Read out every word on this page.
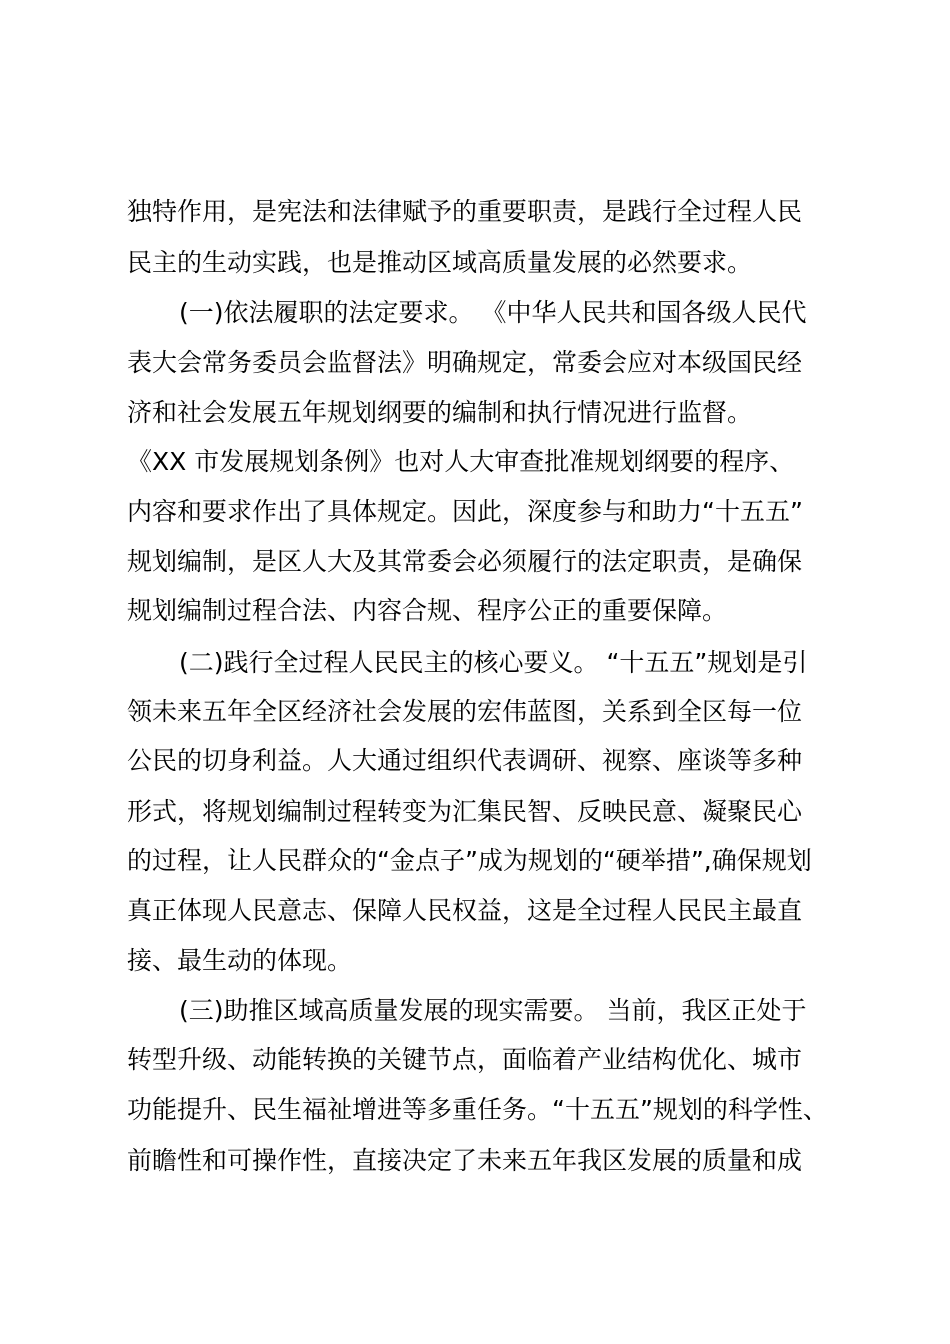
独特作用，是宪法和法律赋予的重要职责，是践行全过程人民

民主的生动实践，也是推动区域高质量发展的必然要求。

(一)依法履职的法定要求。 《中华人民共和国各级人民代

表大会常务委员会监督法》明确规定，常委会应对本级国民经

济和社会发展五年规划纲要的编制和执行情况进行监督。

《XX 市发展规划条例》也对人大审查批准规划纲要的程序、

内容和要求作出了具体规定。因此，深度参与和助力“十五五”

规划编制，是区人大及其常委会必须履行的法定职责，是确保

规划编制过程合法、内容合规、程序公正的重要保障。

(二)践行全过程人民民主的核心要义。 “十五五”规划是引

领未来五年全区经济社会发展的宏伟蓝图，关系到全区每一位

公民的切身利益。人大通过组织代表调研、视察、座谈等多种

形式，将规划编制过程转变为汇集民智、反映民意、凝聚民心

的过程，让人民群众的“金点子”成为规划的“硬举措”,确保规划

真正体现人民意志、保障人民权益，这是全过程人民民主最直

接、最生动的体现。

(三)助推区域高质量发展的现实需要。 当前，我区正处于

转型升级、动能转换的关键节点，面临着产业结构优化、城市

功能提升、民生福祉增进等多重任务。“十五五”规划的科学性、

前瞻性和可操作性，直接决定了未来五年我区发展的质量和成
